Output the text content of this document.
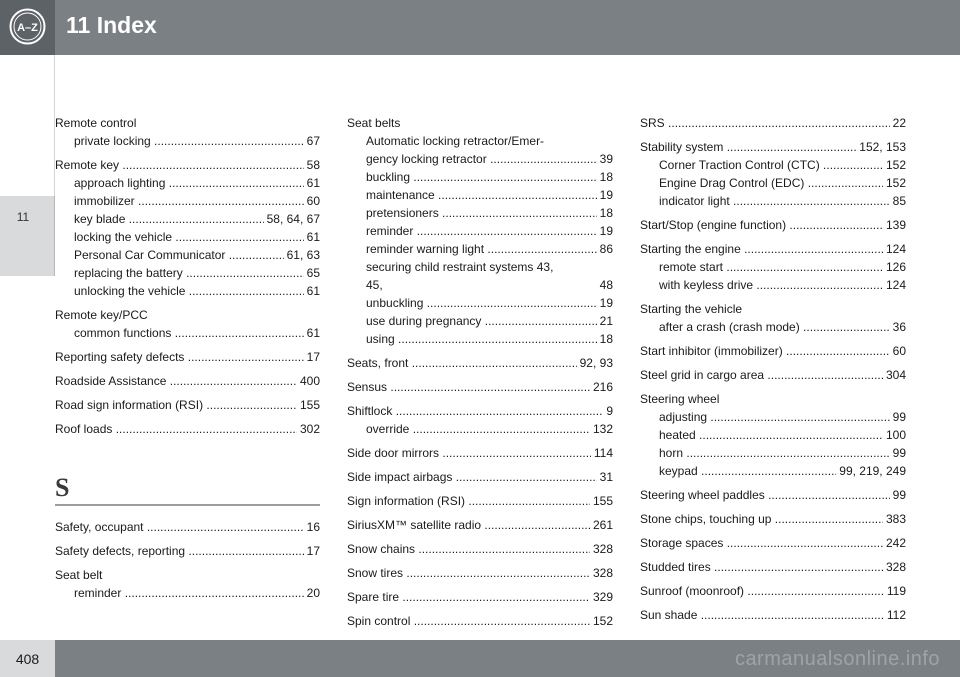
A–Z 11 Index
11
Remote control
private locking .....	67
Remote key .....	58
approach lighting .....	61
immobilizer .....	60
key blade .....	58, 64, 67
locking the vehicle .....	61
Personal Car Communicator .....	61, 63
replacing the battery .....	65
unlocking the vehicle .....	61
Remote key/PCC
common functions .....	61
Reporting safety defects .....	17
Roadside Assistance .....	400
Road sign information (RSI) .....	155
Roof loads .....	302
S
Safety, occupant .....	16
Safety defects, reporting .....	17
Seat belt
reminder .....	20
Seat belts
Automatic locking retractor/Emer-
gency locking retractor .....	39
buckling .....	18
maintenance .....	19
pretensioners .....	18
reminder .....	19
reminder warning light .....	86
securing child restraint systems 43,
45,	48
unbuckling .....	19
use during pregnancy .....	21
using .....	18
Seats, front .....	92, 93
Sensus .....	216
Shiftlock .....	9
override .....	132
Side door mirrors .....	114
Side impact airbags .....	31
Sign information (RSI) .....	155
SiriusXM™ satellite radio .....	261
Snow chains .....	328
Snow tires .....	328
Spare tire .....	329
Spin control .....	152
SRS .....	22
Stability system .....	152, 153
Corner Traction Control (CTC) .....	152
Engine Drag Control (EDC) .....	152
indicator light .....	85
Start/Stop (engine function) .....	139
Starting the engine .....	124
remote start .....	126
with keyless drive .....	124
Starting the vehicle
after a crash (crash mode) .....	36
Start inhibitor (immobilizer) .....	60
Steel grid in cargo area .....	304
Steering wheel
adjusting .....	99
heated .....	100
horn .....	99
keypad .....	99, 219, 249
Steering wheel paddles .....	99
Stone chips, touching up .....	383
Storage spaces .....	242
Studded tires .....	328
Sunroof (moonroof) .....	119
Sun shade .....	112
carmanualsonline.info
408
